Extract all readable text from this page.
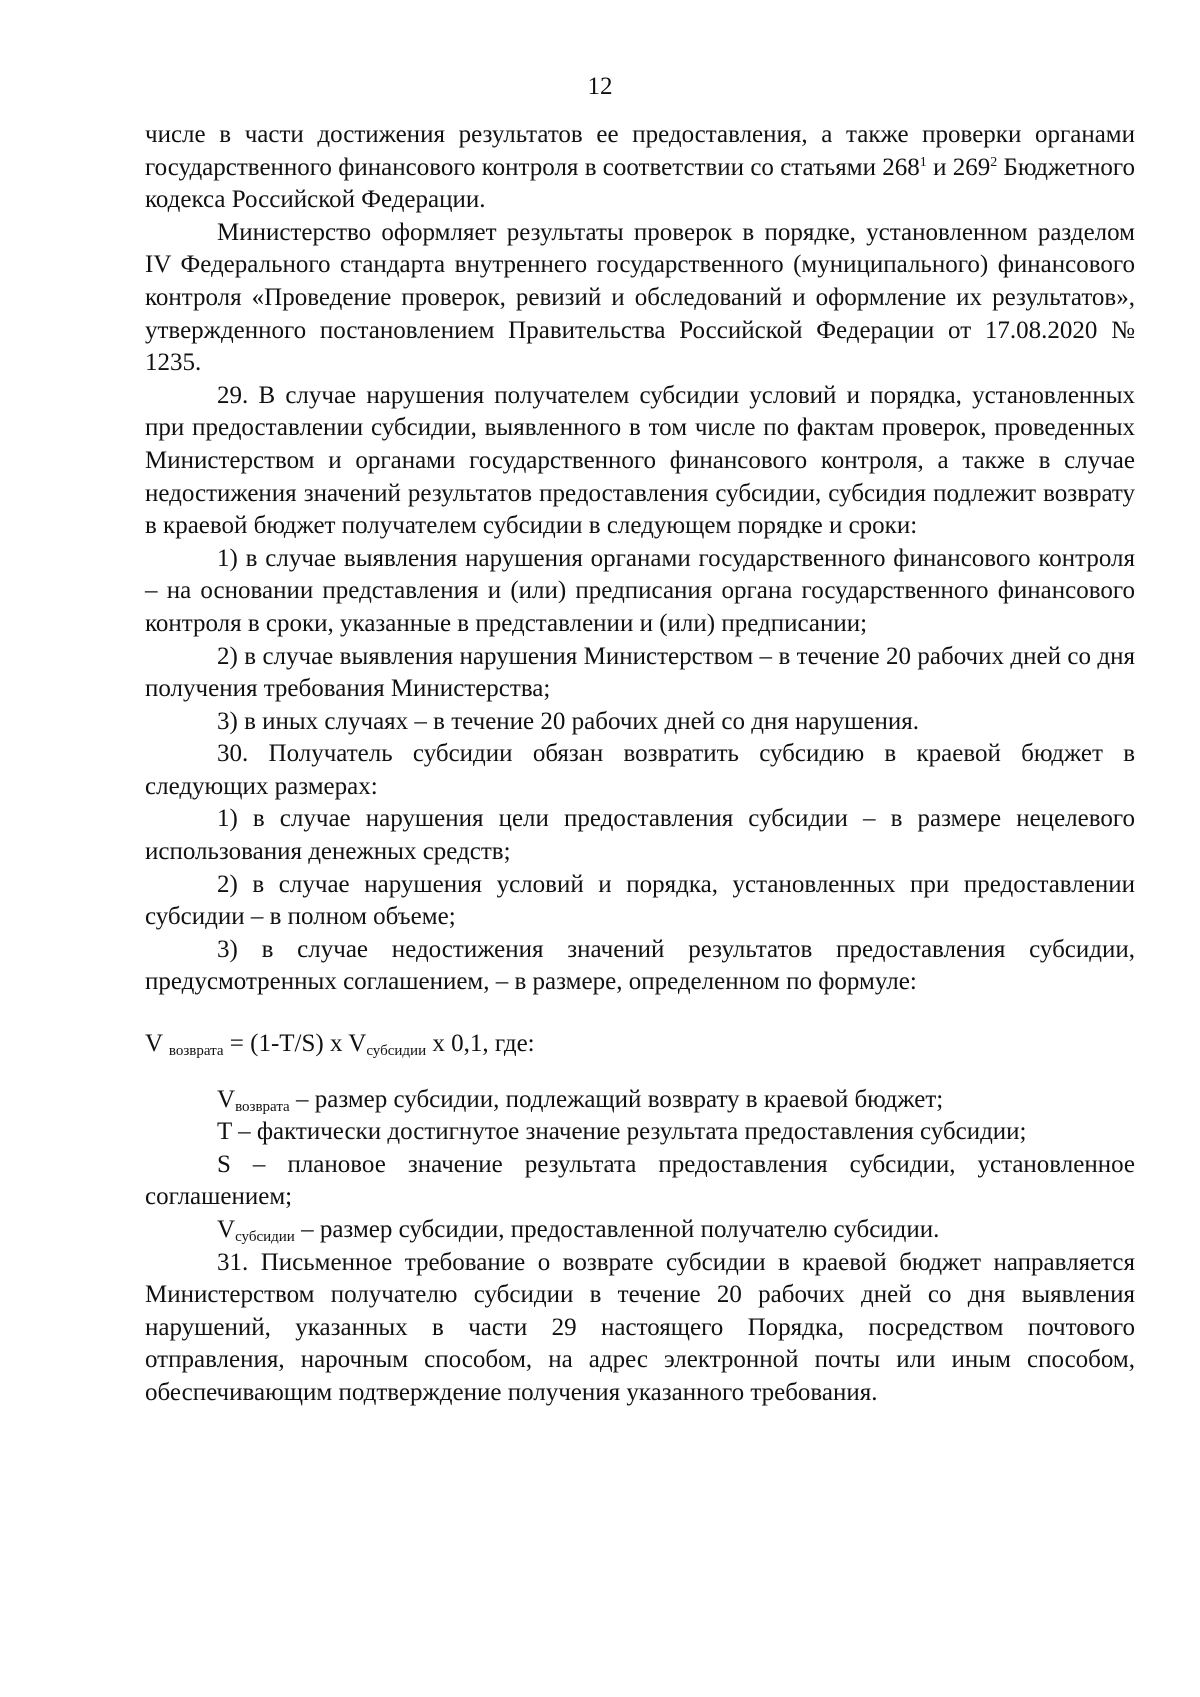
12

числе в части достижения результатов ее предоставления, а также проверки органами государственного финансового контроля в соответствии со статьями $268^1$ и $269^2$ Бюджетного кодекса Российской Федерации.

Министерство оформляет результаты проверок в порядке, установленном разделом IV Федерального стандарта внутреннего государственного (муниципального) финансового контроля «Проведение проверок, ревизий и обследований и оформление их результатов», утвержденного постановлением Правительства Российской Федерации от 17.08.2020 № 1235.

29. В случае нарушения получателем субсидии условий и порядка, установленных при предоставлении субсидии, выявленного в том числе по фактам проверок, проведенных Министерством и органами государственного финансового контроля, а также в случае недостижения значений результатов предоставления субсидии, субсидия подлежит возврату в краевой бюджет получателем субсидии в следующем порядке и сроки:

1) в случае выявления нарушения органами государственного финансового контроля – на основании представления и (или) предписания органа государственного финансового контроля в сроки, указанные в представлении и (или) предписании;

2) в случае выявления нарушения Министерством – в течение 20 рабочих дней со дня получения требования Министерства;

3) в иных случаях – в течение 20 рабочих дней со дня нарушения.

30. Получатель субсидии обязан возвратить субсидию в краевой бюджет в следующих размерах:

1) в случае нарушения цели предоставления субсидии – в размере нецелевого использования денежных средств;

2) в случае нарушения условий и порядка, установленных при предоставлении субсидии – в полном объеме;

3) в случае недостижения значений результатов предоставления субсидии, предусмотренных соглашением, – в размере, определенном по формуле:

V $_{возврата}$ = (1-T/S) x $V_{субсидии}$ x 0,1, где:

$V_{возврата}$ – размер субсидии, подлежащий возврату в краевой бюджет;

T – фактически достигнутое значение результата предоставления субсидии;

S – плановое значение результата предоставления субсидии, установленное соглашением;

$V_{субсидии}$ – размер субсидии, предоставленной получателю субсидии.

31. Письменное требование о возврате субсидии в краевой бюджет направляется Министерством получателю субсидии в течение 20 рабочих дней со дня выявления нарушений, указанных в части 29 настоящего Порядка, посредством почтового отправления, нарочным способом, на адрес электронной почты или иным способом, обеспечивающим подтверждение получения указанного требования.
